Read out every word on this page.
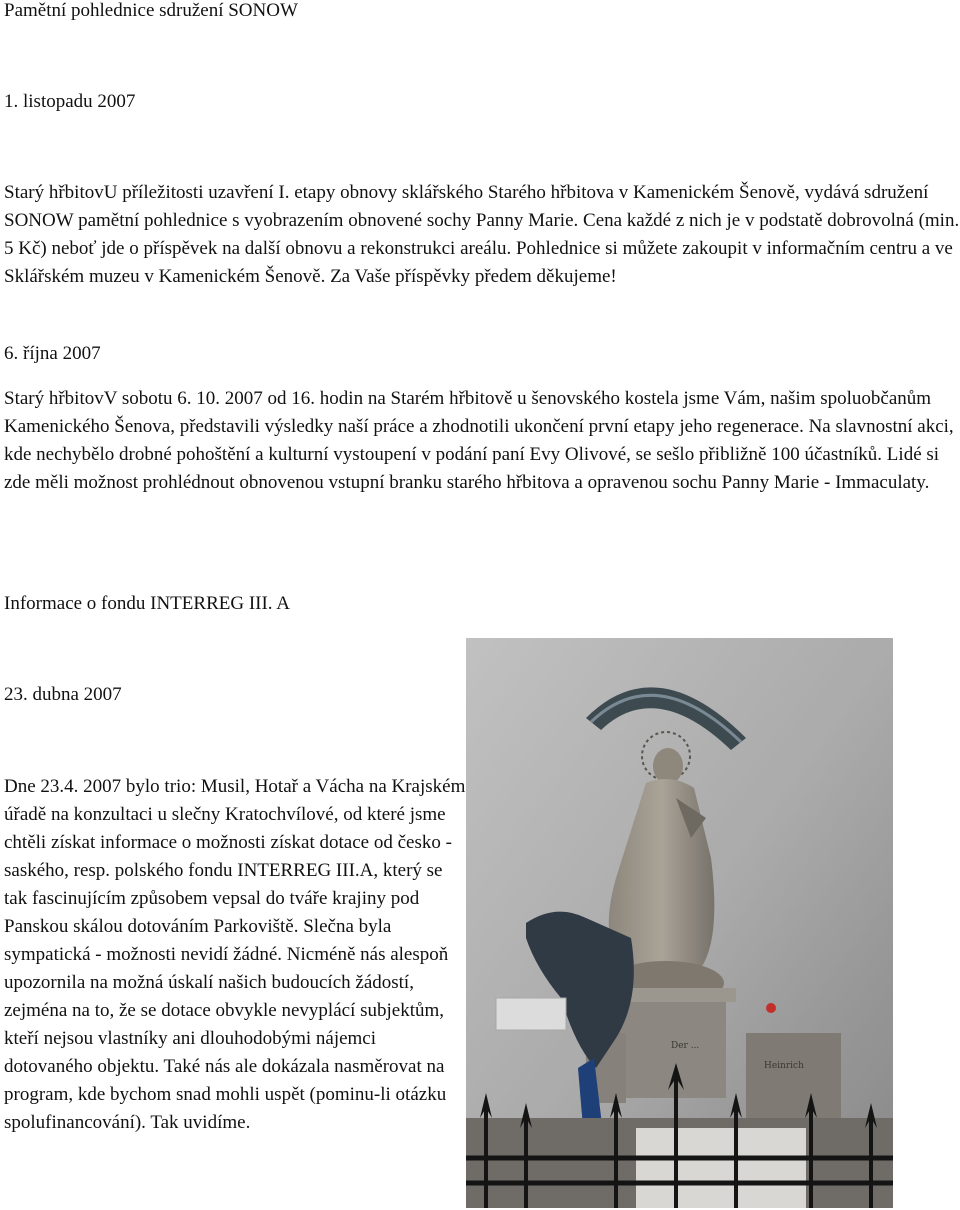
Pamětní pohlednice sdružení SONOW
1. listopadu 2007

Starý hřbitovU příležitosti uzavření I. etapy obnovy sklářského Starého hřbitova v Kamenickém Šenově, vydává sdružení SONOW pamětní pohlednice s vyobrazením obnovené sochy Panny Marie. Cena každé z nich je v podstatě dobrovolná (min. 5 Kč) neboť jde o příspěvek na další obnovu a rekonstrukci areálu. Pohlednice si můžete zakoupit v informačním centru a ve Sklářském muzeu v Kamenickém Šenově. Za Vaše příspěvky předem děkujeme!

6. října 2007

Starý hřbitovV sobotu 6. 10. 2007 od 16. hodin na Starém hřbitově u šenovského kostela jsme Vám, našim spoluobčanům Kamenického Šenova, představili výsledky naší práce a zhodnotili ukončení první etapy jeho regenerace. Na slavnostní akci, kde nechybělo drobné pohoštění a kulturní vystoupení v podání paní Evy Olivové, se sešlo přibližně 100 účastníků. Lidé si zde měli možnost prohlédnout obnovenou vstupní branku starého hřbitova a opravenou sochu Panny Marie - Immaculaty.

Informace o fondu INTERREG III. A
23. dubna 2007

Dne 23.4. 2007 bylo trio: Musil, Hotař a Vácha na Krajském úřadě na konzultaci u slečny Kratochvílové, od které jsme chtěli získat informace o možnosti získat dotace od česko - saského, resp. polského fondu INTERREG III.A, který se tak fascinujícím způsobem vepsal do tváře krajiny pod Panskou skálou dotováním Parkoviště. Slečna byla sympatická - možnosti nevidí žádné. Nicméně nás alespoň upozornila na možná úskalí našich budoucích žádostí, zejména na to, že se dotace obvykle nevyplácí subjektům, kteří nejsou vlastníky ani dlouhodobými nájemci dotovaného objektu. Také nás ale dokázala nasměrovat na program, kde bychom snad mohli uspět (pominu-li otázku spolufinancování). Tak uvidíme.

Der ...
Heinrich
